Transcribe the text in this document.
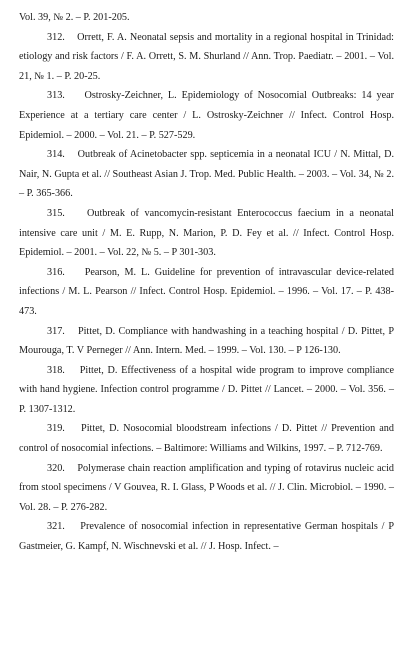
Vol. 39, № 2. – P. 201-205.

312. Orrett, F. A. Neonatal sepsis and mortality in a regional hospital in Trinidad: etiology and risk factors / F. A. Orrett, S. M. Shurland // Ann. Trop. Paediatr. – 2001. – Vol. 21, № 1. – P. 20-25.

313. Ostrosky-Zeichner, L. Epidemiology of Nosocomial Outbreaks: 14 year Experience at a tertiary care center / L. Ostrosky-Zeichner // Infect. Control Hosp. Epidemiol. – 2000. – Vol. 21. – P. 527-529.

314. Outbreak of Acinetobacter spp. septicemia in a neonatal ICU / N. Mittal, D. Nair, N. Gupta et al. // Southeast Asian J. Trop. Med. Public Health. – 2003. – Vol. 34, № 2. – P. 365-366.

315. Outbreak of vancomycin-resistant Enterococcus faecium in a neonatal intensive care unit / M. E. Rupp, N. Marion, P. D. Fey et al. // Infect. Control Hosp. Epidemiol. – 2001. – Vol. 22, № 5. – P 301-303.

316. Pearson, M. L. Guideline for prevention of intravascular device-related infections / M. L. Pearson // Infect. Control Hosp. Epidemiol. – 1996. – Vol. 17. – P. 438-473.

317. Pittet, D. Compliance with handwashing in a teaching hospital / D. Pittet, P Mourouga, T. V Perneger // Ann. Intern. Med. – 1999. – Vol. 130. – P 126-130.

318. Pittet, D. Effectiveness of a hospital wide program to improve compliance with hand hygiene. Infection control programme / D. Pittet // Lancet. – 2000. – Vol. 356. – P. 1307-1312.

319. Pittet, D. Nosocomial bloodstream infections / D. Pittet // Prevention and control of nosocomial infections. – Baltimore: Williams and Wilkins, 1997. – P. 712-769.

320. Polymerase chain reaction amplification and typing of rotavirus nucleic acid from stool specimens / V Gouvea, R. I. Glass, P Woods et al. // J. Clin. Microbiol. – 1990. – Vol. 28. – P. 276-282.

321. Prevalence of nosocomial infection in representative German hospitals / P Gastmeier, G. Kampf, N. Wischnevski et al. // J. Hosp. Infect. –
